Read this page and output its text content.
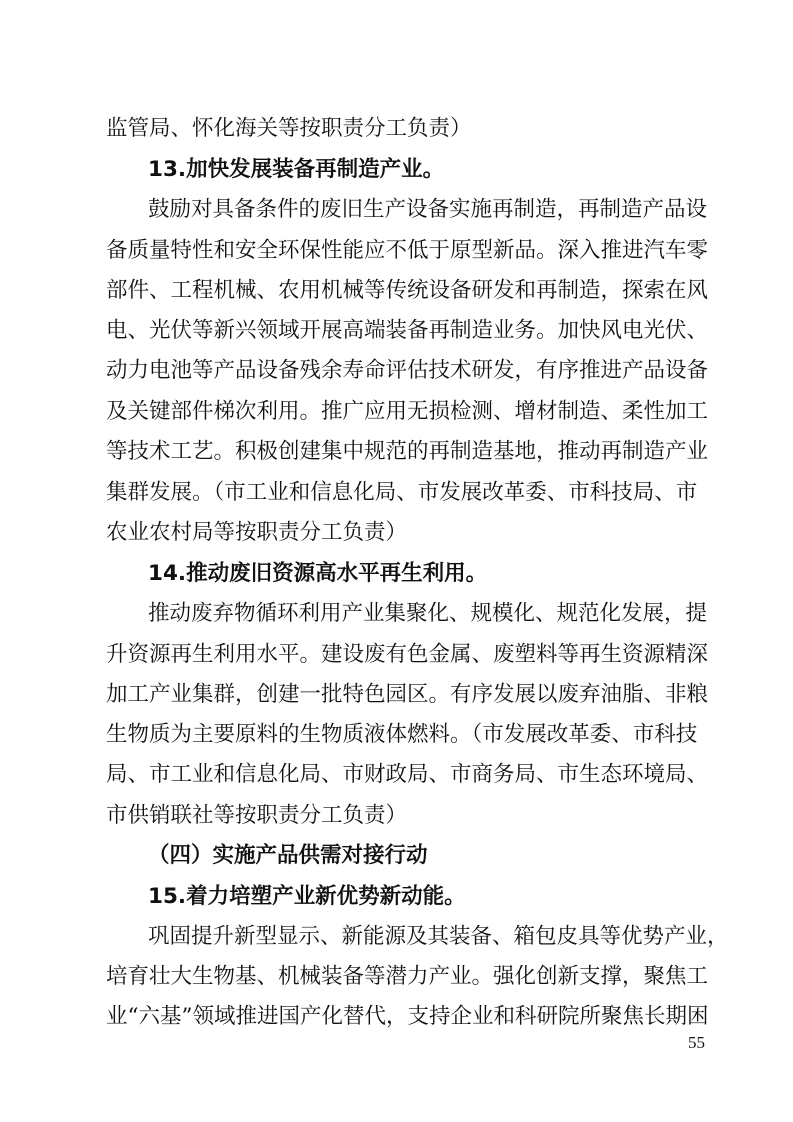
监管局、怀化海关等按职责分工负责）
13.加快发展装备再制造产业。
鼓励对具备条件的废旧生产设备实施再制造，再制造产品设
备质量特性和安全环保性能应不低于原型新品。深入推进汽车零
部件、工程机械、农用机械等传统设备研发和再制造，探索在风
电、光伏等新兴领域开展高端装备再制造业务。加快风电光伏、
动力电池等产品设备残余寿命评估技术研发，有序推进产品设备
及关键部件梯次利用。推广应用无损检测、增材制造、柔性加工
等技术工艺。积极创建集中规范的再制造基地，推动再制造产业
集群发展。（市工业和信息化局、市发展改革委、市科技局、市
农业农村局等按职责分工负责）
14.推动废旧资源高水平再生利用。
推动废弃物循环利用产业集聚化、规模化、规范化发展，提
升资源再生利用水平。建设废有色金属、废塑料等再生资源精深
加工产业集群，创建一批特色园区。有序发展以废弃油脂、非粮
生物质为主要原料的生物质液体燃料。（市发展改革委、市科技
局、市工业和信息化局、市财政局、市商务局、市生态环境局、
市供销联社等按职责分工负责）
（四）实施产品供需对接行动
15.着力培塑产业新优势新动能。
巩固提升新型显示、新能源及其装备、箱包皮具等优势产业，
培育壮大生物基、机械装备等潜力产业。强化创新支撑，聚焦工
业“六基”领域推进国产化替代，支持企业和科研院所聚焦长期困
55
